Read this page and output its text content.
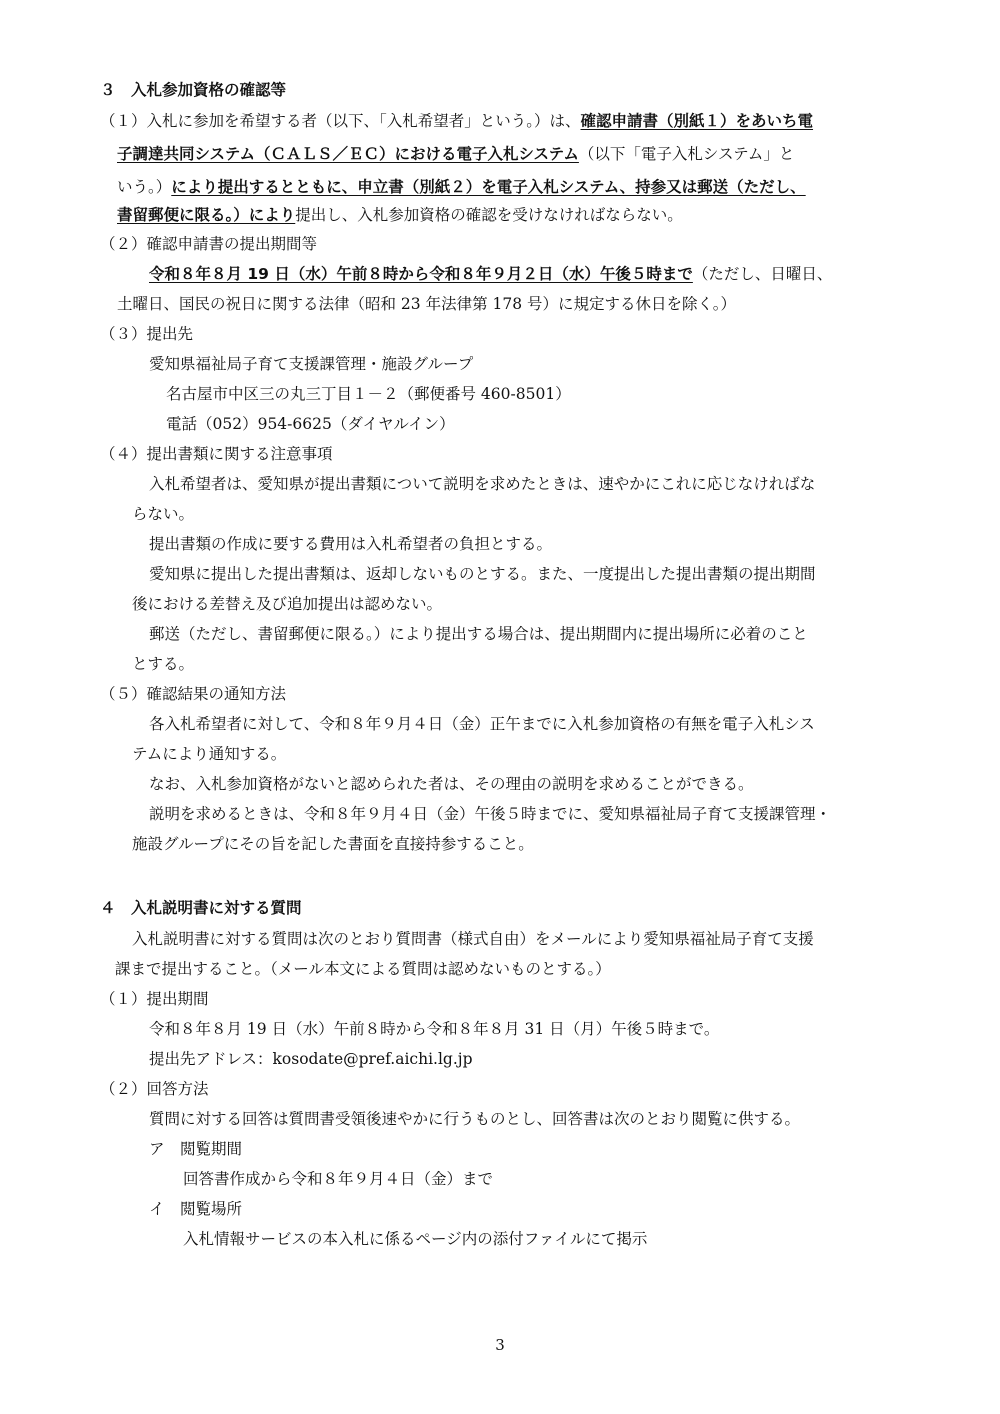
３　入札参加資格の確認等
（１）入札に参加を希望する者（以下、「入札希望者」という。）は、確認申請書（別紙１）をあいち電
子調達共同システム（ＣＡＬＳ／ＥＣ）における電子入札システム（以下「電子入札システム」と
いう。）により提出するとともに、申立書（別紙２）を電子入札システム、持参又は郵送（ただし、
書留郵便に限る。）により提出し、入札参加資格の確認を受けなければならない。
（２）確認申請書の提出期間等
令和８年８月 19 日（水）午前８時から令和８年９月２日（水）午後５時まで（ただし、日曜日、
土曜日、国民の祝日に関する法律（昭和 23 年法律第 178 号）に規定する休日を除く。）
（３）提出先
愛知県福祉局子育て支援課管理・施設グループ
名古屋市中区三の丸三丁目１－２（郵便番号 460-8501）
電話（052）954-6625（ダイヤルイン）
（４）提出書類に関する注意事項
入札希望者は、愛知県が提出書類について説明を求めたときは、速やかにこれに応じなければな
らない。
提出書類の作成に要する費用は入札希望者の負担とする。
愛知県に提出した提出書類は、返却しないものとする。また、一度提出した提出書類の提出期間
後における差替え及び追加提出は認めない。
郵送（ただし、書留郵便に限る。）により提出する場合は、提出期間内に提出場所に必着のこと
とする。
（５）確認結果の通知方法
各入札希望者に対して、令和８年９月４日（金）正午までに入札参加資格の有無を電子入札シス
テムにより通知する。
なお、入札参加資格がないと認められた者は、その理由の説明を求めることができる。
説明を求めるときは、令和８年９月４日（金）午後５時までに、愛知県福祉局子育て支援課管理・
施設グループにその旨を記した書面を直接持参すること。
４　入札説明書に対する質問
入札説明書に対する質問は次のとおり質問書（様式自由）をメールにより愛知県福祉局子育て支援
課まで提出すること。（メール本文による質問は認めないものとする。）
（１）提出期間
令和８年８月 19 日（水）午前８時から令和８年８月 31 日（月）午後５時まで。
提出先アドレス：kosodate@pref.aichi.lg.jp
（２）回答方法
質問に対する回答は質問書受領後速やかに行うものとし、回答書は次のとおり閲覧に供する。
ア　閲覧期間
回答書作成から令和８年９月４日（金）まで
イ　閲覧場所
入札情報サービスの本入札に係るページ内の添付ファイルにて掲示
3
